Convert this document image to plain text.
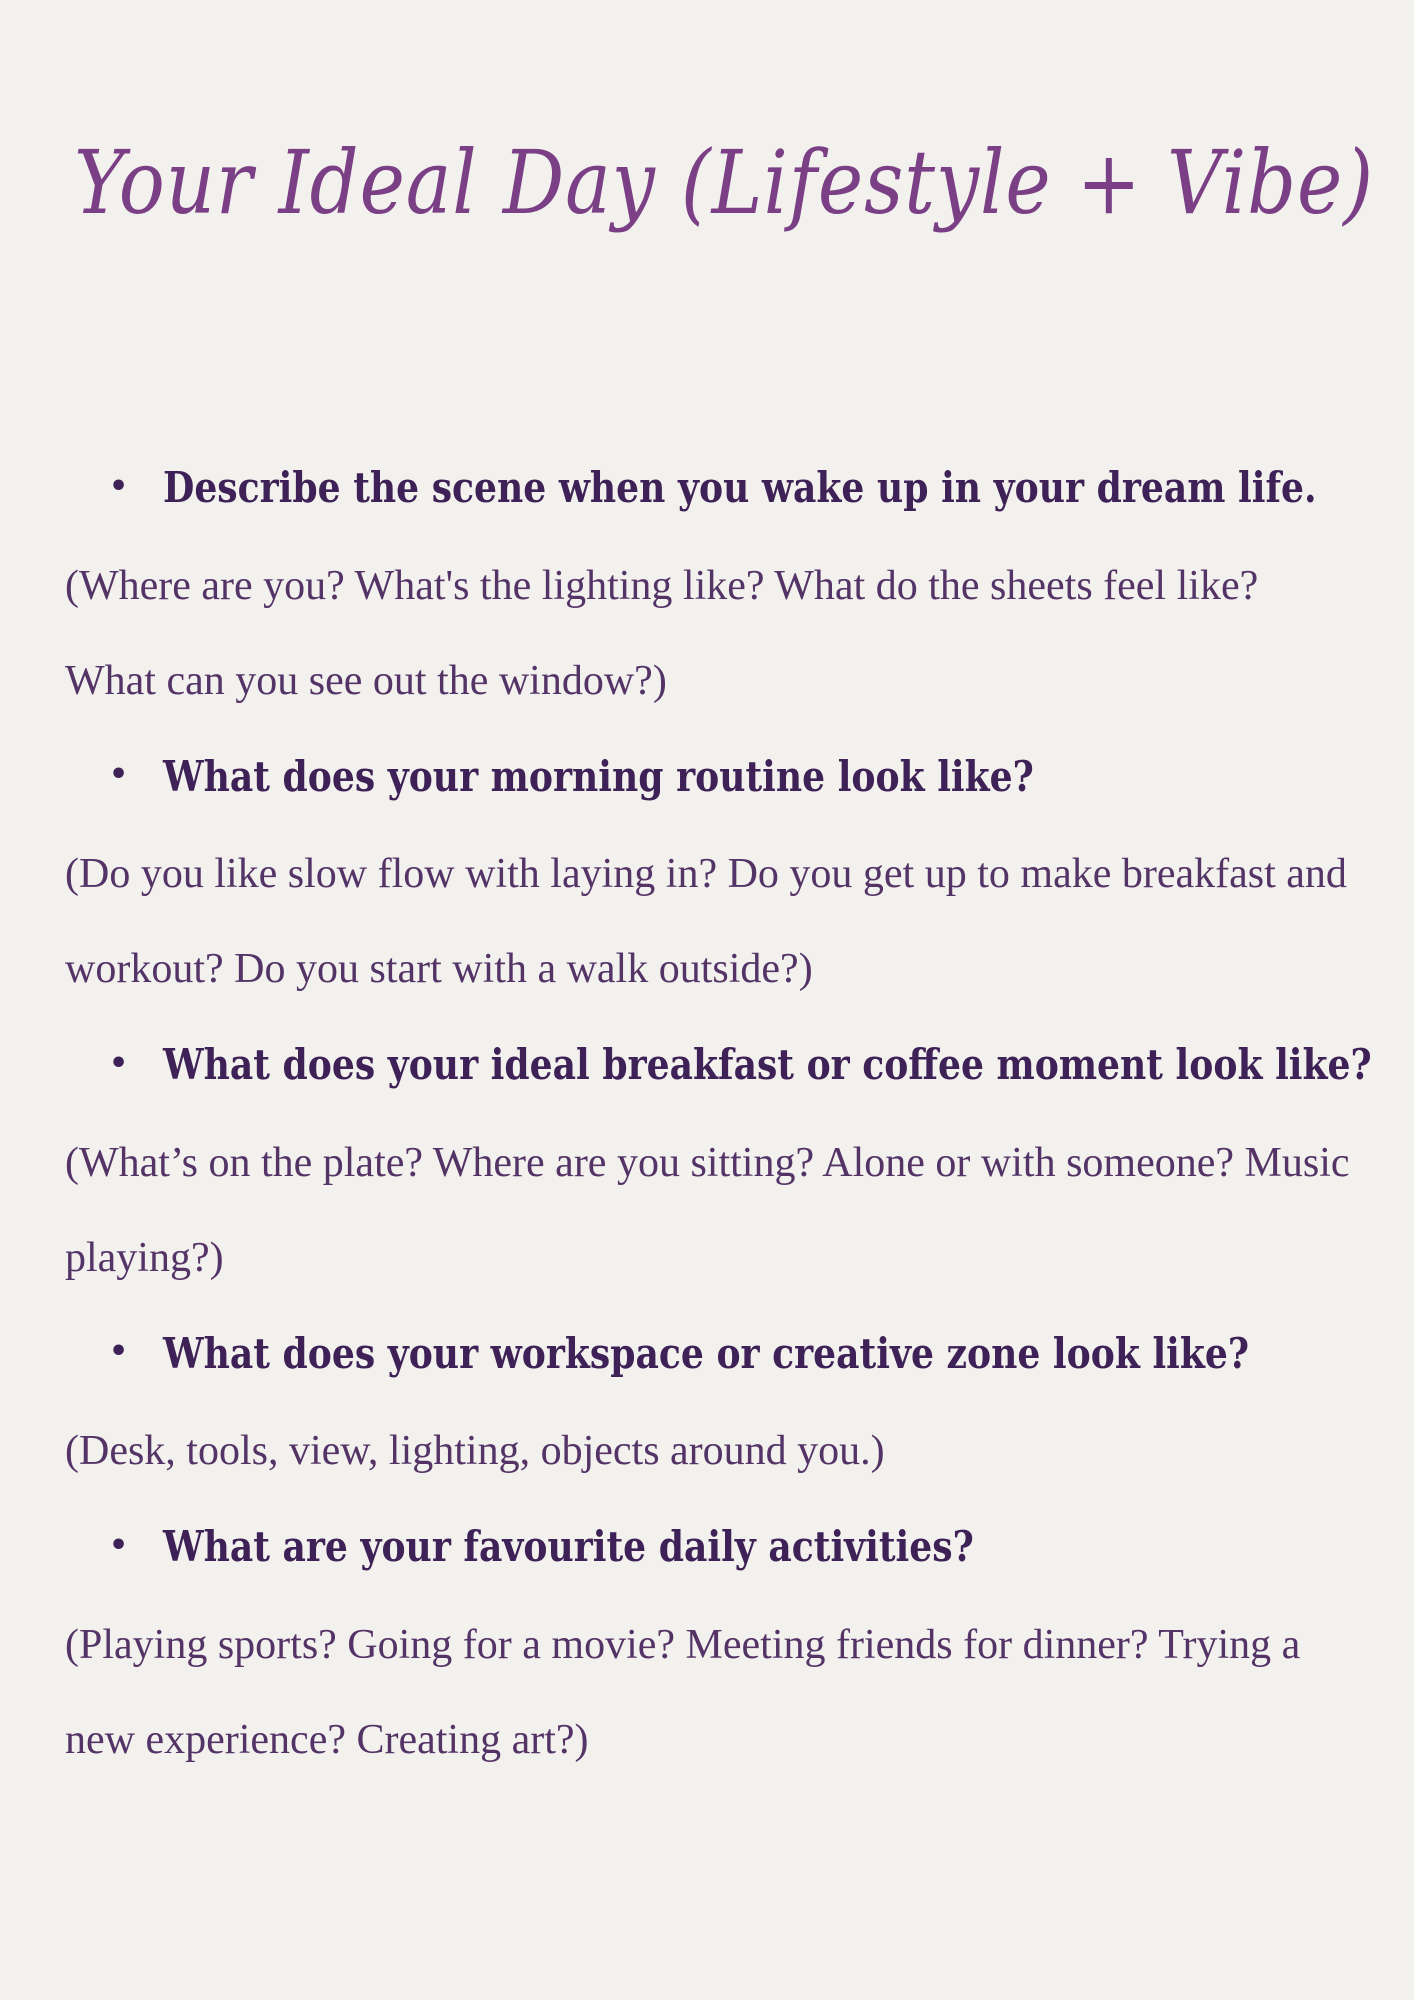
Your Ideal Day (Lifestyle + Vibe)
• Describe the scene when you wake up in your dream life.

(Where are you? What's the lighting like? What do the sheets feel like? What can you see out the window?)

• What does your morning routine look like?

(Do you like slow flow with laying in? Do you get up to make breakfast and workout? Do you start with a walk outside?)

• What does your ideal breakfast or coffee moment look like?

(What’s on the plate? Where are you sitting? Alone or with someone? Music playing?)

• What does your workspace or creative zone look like?

(Desk, tools, view, lighting, objects around you.)

• What are your favourite daily activities?

(Playing sports? Going for a movie? Meeting friends for dinner? Trying a new experience? Creating art?)
